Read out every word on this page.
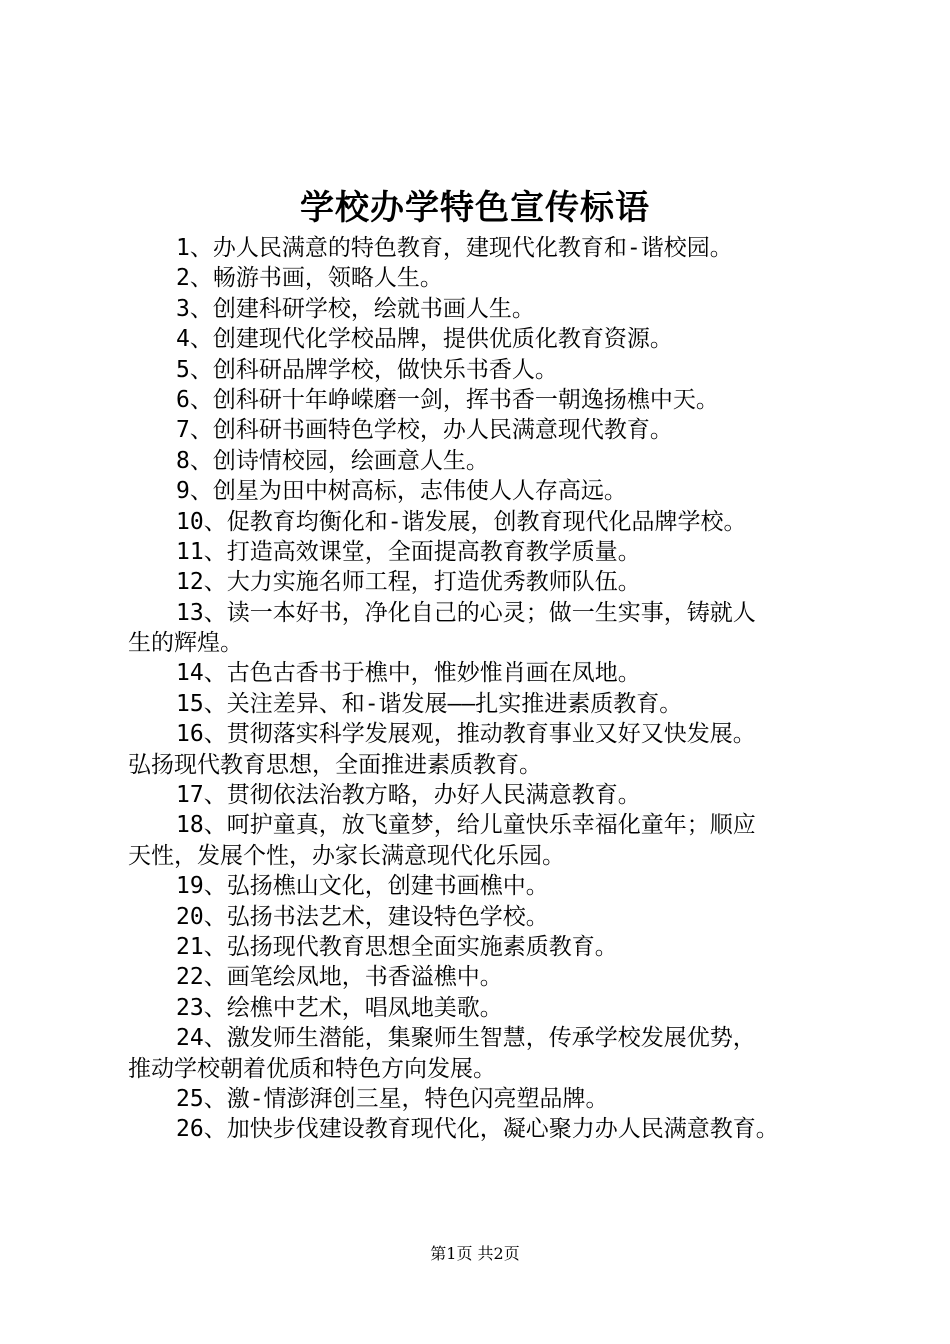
学校办学特色宣传标语

1、办人民满意的特色教育，建现代化教育和-谐校园。

2、畅游书画，领略人生。

3、创建科研学校，绘就书画人生。

4、创建现代化学校品牌，提供优质化教育资源。

5、创科研品牌学校，做快乐书香人。

6、创科研十年峥嵘磨一剑，挥书香一朝逸扬樵中天。

7、创科研书画特色学校，办人民满意现代教育。

8、创诗情校园，绘画意人生。

9、创星为田中树高标，志伟使人人存高远。

10、促教育均衡化和-谐发展，创教育现代化品牌学校。

11、打造高效课堂，全面提高教育教学质量。

12、大力实施名师工程，打造优秀教师队伍。

13、读一本好书，净化自己的心灵；做一生实事，铸就人

生的辉煌。

14、古色古香书于樵中，惟妙惟肖画在凤地。

15、关注差异、和-谐发展——扎实推进素质教育。

16、贯彻落实科学发展观，推动教育事业又好又快发展。

弘扬现代教育思想，全面推进素质教育。

17、贯彻依法治教方略，办好人民满意教育。

18、呵护童真，放飞童梦，给儿童快乐幸福化童年；顺应

天性，发展个性，办家长满意现代化乐园。

19、弘扬樵山文化，创建书画樵中。

20、弘扬书法艺术，建设特色学校。

21、弘扬现代教育思想全面实施素质教育。

22、画笔绘凤地，书香溢樵中。

23、绘樵中艺术，唱凤地美歌。

24、激发师生潜能，集聚师生智慧，传承学校发展优势，

推动学校朝着优质和特色方向发展。

25、激-情澎湃创三星，特色闪亮塑品牌。

26、加快步伐建设教育现代化，凝心聚力办人民满意教育。

第1页 共2页
